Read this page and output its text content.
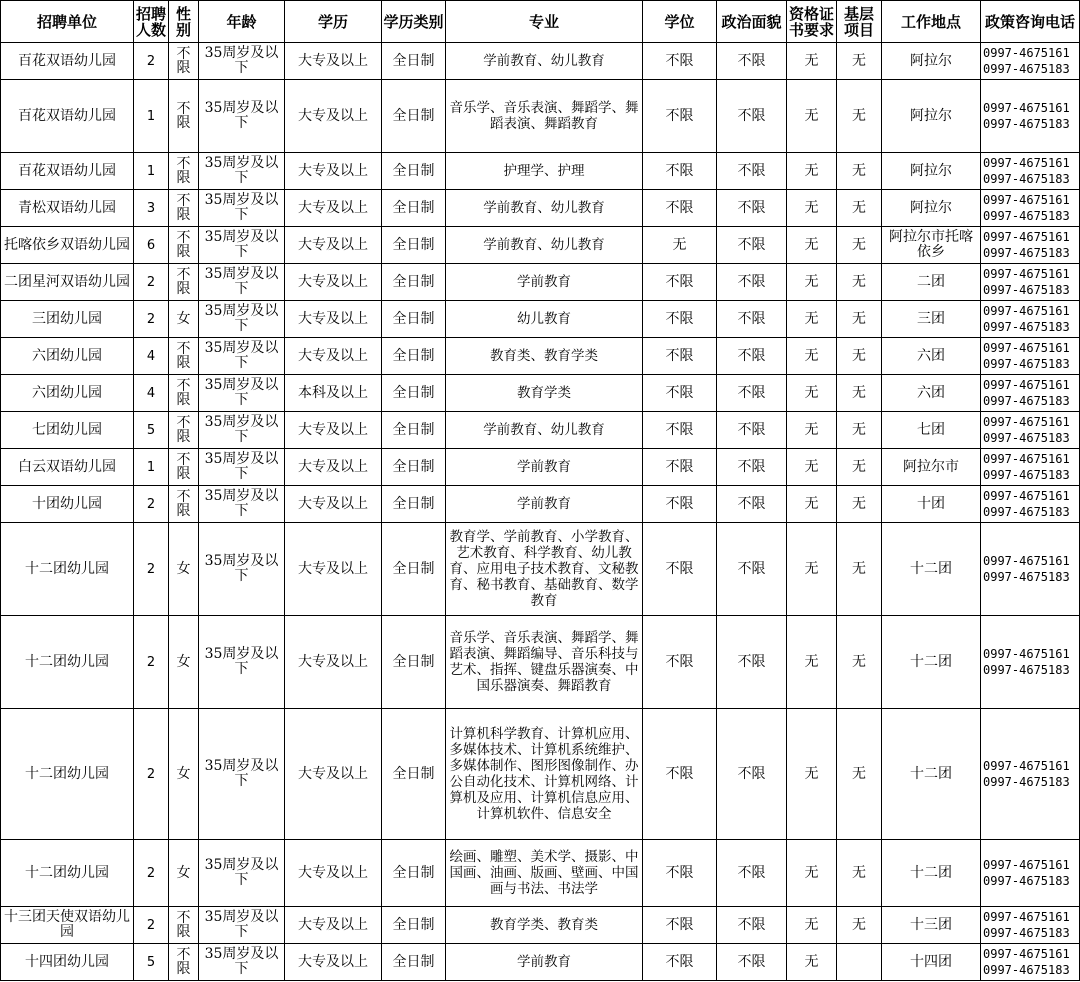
招聘单位	招聘人数	性别	年龄	学历	学历类别	专业	学位	政治面貌	资格证书要求	基层项目	工作地点	政策咨询电话
百花双语幼儿园	2	不限	35周岁及以下	大专及以上	全日制	学前教育、幼儿教育	不限	不限	无	无	阿拉尔	0997-4675161
0997-4675183

百花双语幼儿园	1	不限	35周岁及以下	大专及以上	全日制	音乐学、音乐表演、舞蹈学、舞蹈表演、舞蹈教育	不限	不限	无	无	阿拉尔	0997-4675161
0997-4675183

百花双语幼儿园	1	不限	35周岁及以下	大专及以上	全日制	护理学、护理	不限	不限	无	无	阿拉尔	0997-4675161
0997-4675183

青松双语幼儿园	3	不限	35周岁及以下	大专及以上	全日制	学前教育、幼儿教育	不限	不限	无	无	阿拉尔	0997-4675161
0997-4675183

托喀依乡双语幼儿园	6	不限	35周岁及以下	大专及以上	全日制	学前教育、幼儿教育	无	不限	无	无	阿拉尔市托喀依乡	0997-4675161
0997-4675183

二团星河双语幼儿园	2	不限	35周岁及以下	大专及以上	全日制	学前教育	不限	不限	无	无	二团	0997-4675161
0997-4675183

三团幼儿园	2	女	35周岁及以下	大专及以上	全日制	幼儿教育	不限	不限	无	无	三团	0997-4675161
0997-4675183

六团幼儿园	4	不限	35周岁及以下	大专及以上	全日制	教育类、教育学类	不限	不限	无	无	六团	0997-4675161
0997-4675183

六团幼儿园	4	不限	35周岁及以下	本科及以上	全日制	教育学类	不限	不限	无	无	六团	0997-4675161
0997-4675183

七团幼儿园	5	不限	35周岁及以下	大专及以上	全日制	学前教育、幼儿教育	不限	不限	无	无	七团	0997-4675161
0997-4675183

白云双语幼儿园	1	不限	35周岁及以下	大专及以上	全日制	学前教育	不限	不限	无	无	阿拉尔市	0997-4675161
0997-4675183

十团幼儿园	2	不限	35周岁及以下	大专及以上	全日制	学前教育	不限	不限	无	无	十团	0997-4675161
0997-4675183

十二团幼儿园	2	女	35周岁及以下	大专及以上	全日制	教育学、学前教育、小学教育、艺术教育、科学教育、幼儿教育、应用电子技术教育、文秘教育、秘书教育、基础教育、数学教育	不限	不限	无	无	十二团	0997-4675161
0997-4675183

十二团幼儿园	2	女	35周岁及以下	大专及以上	全日制	音乐学、音乐表演、舞蹈学、舞蹈表演、舞蹈编导、音乐科技与艺术、指挥、键盘乐器演奏、中国乐器演奏、舞蹈教育	不限	不限	无	无	十二团	0997-4675161
0997-4675183

十二团幼儿园	2	女	35周岁及以下	大专及以上	全日制	计算机科学教育、计算机应用、多媒体技术、计算机系统维护、多媒体制作、图形图像制作、办公自动化技术、计算机网络、计算机及应用、计算机信息应用、计算机软件、信息安全	不限	不限	无	无	十二团	0997-4675161
0997-4675183

十二团幼儿园	2	女	35周岁及以下	大专及以上	全日制	绘画、雕塑、美术学、摄影、中国画、油画、版画、壁画、中国画与书法、书法学	不限	不限	无	无	十二团	0997-4675161
0997-4675183

十三团天使双语幼儿园	2	不限	35周岁及以下	大专及以上	全日制	教育学类、教育类	不限	不限	无	无	十三团	0997-4675161
0997-4675183

十四团幼儿园	5	不限	35周岁及以下	大专及以上	全日制	学前教育	不限	不限	无		十四团	0997-4675161
0997-4675183
